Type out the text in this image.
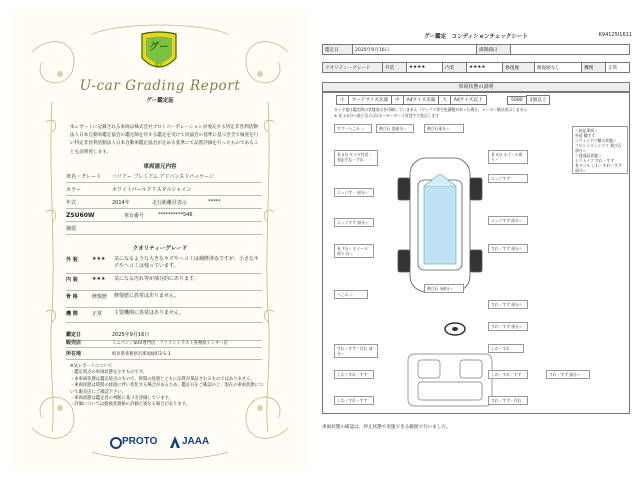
グー
鑑定
U-car Grading Report
グー鑑定証
本レポートに記載される車両は株式会社プロトコーポレーションが委託する特定非営利活動法人日本自動車鑑定協会の鑑定師を有する鑑定を受けて同協会の基準に基づき全て検査を行い特定非営利活動法人日本自動車鑑定協会が定める基準にて品質評価を行ったものであることを証明致します。
車両諸元内容
車名・グレード	ハリアー プレミアム アドバンスドパッケージ
カラー	ホワイトパールクリスタルシャイン
年式	2014年	走行距離計表示	*****
ZSU60W	車台番号	**********546
摘要
クオリティーグレード
外 装	★★★	気になるような大きなキズやヘコミは補修済みですが、小さなキズやヘコミは残っています。
内 装	★★★	気になる汚れ等が部分的にあります。
骨 格	修復歴	修復歴に異常はありません。
機 関	正常	主要機関に異常はありません。
鑑定日	2025年9月16日
販売店	ミニバン／SUV専門店　ファイントラスト各務原インター店
所在地	岐阜県各務原市那加緑町2-1-1
※気レポートについて
・鑑定時点の車両状態を示すものです。
・本車両状態は鑑定時点のもので、時間の経過とともに品質が保証されるものではありません。
・車両状態は時間の経過に伴い変化する場合があるため、鑑定日をご確認の上、現在の車両状態について販売店にご確認下さい。
・車両状態は鑑定者の判断に基づき評価しています。
・評価については総検査規格の評価と異なる場合があります。
PROTO JAAA
グー鑑定　コンディションチェックシート	K94125I1611
鑑定日	2025年9月16日	満期満日	
クオリティーグレード	外装	★★★★	内装	★★★★	修復歴	修復歴なし	機関	正常
車両状態の説明
小 カードサイズ未満 中 A4サイズ未満 大 A4サイズ以上	5000 2個以上
タイヤ他は鑑定時の状態表示を印刷していません（ワックス等で色調整があった場合、メーター類は表示しません
※ 長 2.0分～最小ならば2カーモーターラ頁別でで表示します
すず・へこみ ☆	飛び石 査部分☆
長 5分 タイヤ付近・ 表記小な・すれ
エッジす・ 部分☆
エッジすず 部分☆
長 7分☆ ホイール周り 長☆
へこみ ☆
飛び石部分☆
長 5分 ホイール周り・
エッジすず
エッジすず 部分☆
すれ・すず 部分☆
飛び石 3部分☆
すれ・すず 部分☆
＜持記事項＞
外装 隅すず
＜ウィンドウ類の状態＞
フロントウィンドウ 飛び石 部分☆
＜他部品状態＞
シフトノブ すれ・すず
有ドリル しわ・すれ・すず 部分☆
すれ・すず 部分☆
しわ・すれ
すれ・すず・汚れ 部分☆
しわ・すれ・すず	しわ・すれ・すず
しわ・すれ・すず	すれ・すず・汚れ
すれ・すず 部分☆
車両状態の確認は、停止状態で実施できる範囲で行いました。
